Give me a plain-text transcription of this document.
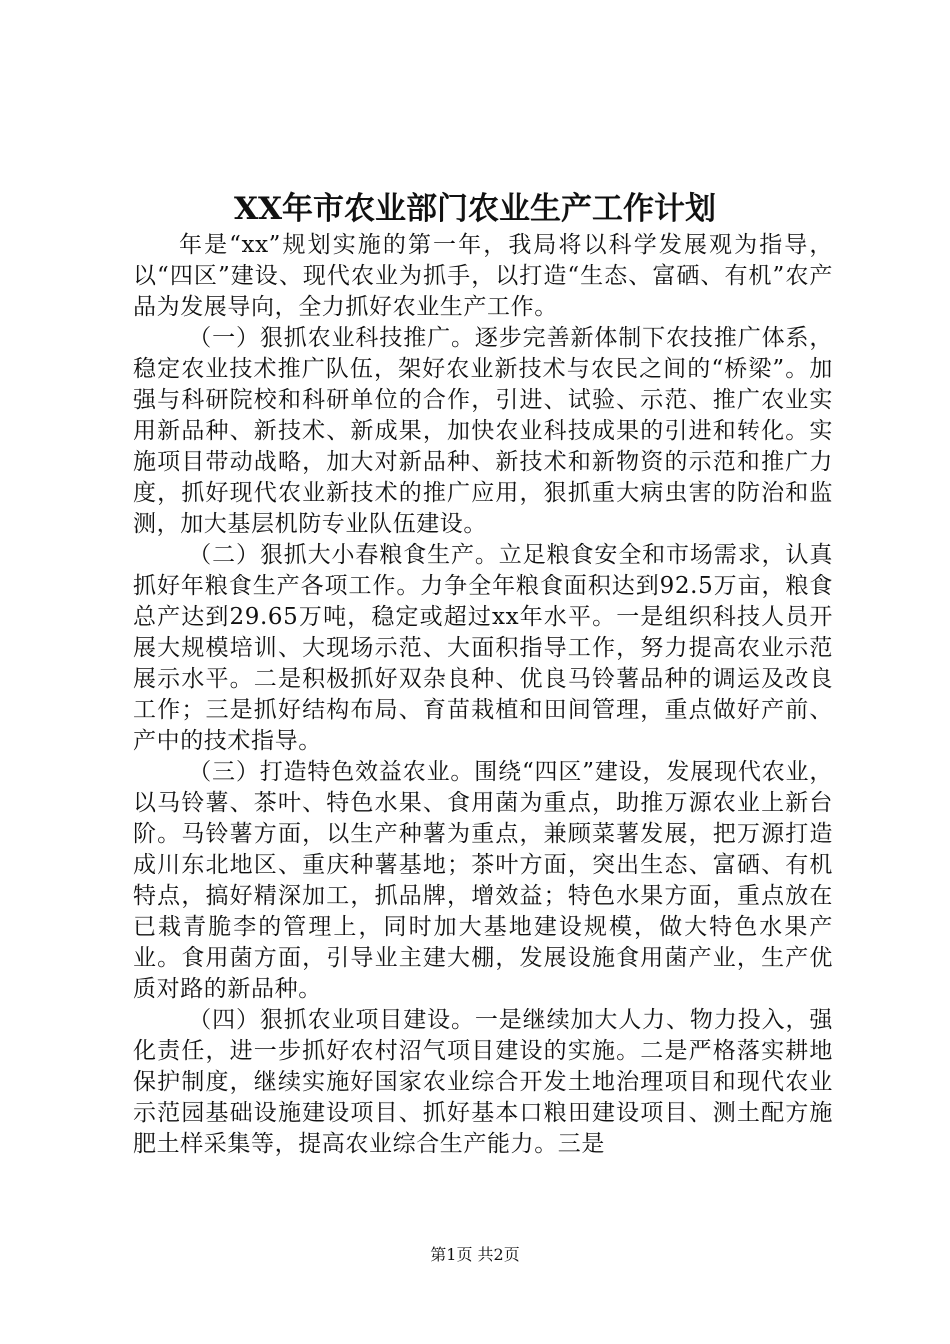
XX年市农业部门农业生产工作计划

年是“xx”规划实施的第一年，我局将以科学发展观为指导，以“四区”建设、现代农业为抓手，以打造“生态、富硒、有机”农产品为发展导向，全力抓好农业生产工作。

（一）狠抓农业科技推广。逐步完善新体制下农技推广体系，稳定农业技术推广队伍，架好农业新技术与农民之间的“桥梁”。加强与科研院校和科研单位的合作，引进、试验、示范、推广农业实用新品种、新技术、新成果，加快农业科技成果的引进和转化。实施项目带动战略，加大对新品种、新技术和新物资的示范和推广力度，抓好现代农业新技术的推广应用，狠抓重大病虫害的防治和监测，加大基层机防专业队伍建设。

（二）狠抓大小春粮食生产。立足粮食安全和市场需求，认真抓好年粮食生产各项工作。力争全年粮食面积达到92.5万亩，粮食总产达到29.65万吨，稳定或超过xx年水平。一是组织科技人员开展大规模培训、大现场示范、大面积指导工作，努力提高农业示范展示水平。二是积极抓好双杂良种、优良马铃薯品种的调运及改良工作；三是抓好结构布局、育苗栽植和田间管理，重点做好产前、产中的技术指导。

（三）打造特色效益农业。围绕“四区”建设，发展现代农业，以马铃薯、茶叶、特色水果、食用菌为重点，助推万源农业上新台阶。马铃薯方面，以生产种薯为重点，兼顾菜薯发展，把万源打造成川东北地区、重庆种薯基地；茶叶方面，突出生态、富硒、有机特点，搞好精深加工，抓品牌，增效益；特色水果方面，重点放在已栽青脆李的管理上，同时加大基地建设规模，做大特色水果产业。食用菌方面，引导业主建大棚，发展设施食用菌产业，生产优质对路的新品种。

（四）狠抓农业项目建设。一是继续加大人力、物力投入，强化责任，进一步抓好农村沼气项目建设的实施。二是严格落实耕地保护制度，继续实施好国家农业综合开发土地治理项目和现代农业示范园基础设施建设项目、抓好基本口粮田建设项目、测土配方施肥土样采集等，提高农业综合生产能力。三是

第1页 共2页
